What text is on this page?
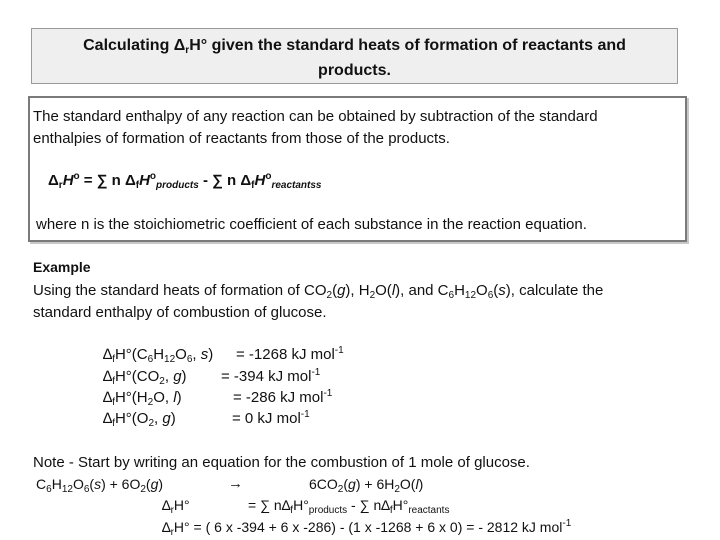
Calculating $\Delta_rH^\circ$ given the standard heats of formation of reactants and
products.
The standard enthalpy of any reaction can be obtained by subtraction of the standard
enthalpies of formation of reactants from those of the products.
$\Delta_rH^o$ = ∑ n $\Delta_fH^o_{products}$ - ∑ n $\Delta_fH^o_{reactantss}$
where n is the stoichiometric coefficient of each substance in the reaction equation.
Example
Using the standard heats of formation of $CO_2(g)$, $H_2O(l)$, and $C_6H_{12}O_6(s)$, calculate the
standard enthalpy of combustion of glucose.
$\Delta_fH^\circ(C_6H_{12}O_6$, s) = -1268 kJ mol$^{-1}$
$\Delta_fH^\circ(CO_2$, g) = -394 kJ mol$^{-1}$
$\Delta_fH^\circ(H_2O$, l)	= -286 kJ mol$^{-1}$
$\Delta_fH^\circ(O_2$, g)	= 0 kJ mol$^{-1}$
Note - Start by writing an equation for the combustion of 1 mole of glucose.
$C_6H_{12}O_6(s) + 6O_2(g)$	→	$6CO_2(g) + 6H_2O(l)$
$\Delta_rH^\circ$	= ∑ $n\Delta_fH^\circ_{products}$ - ∑ $n\Delta_fH^\circ_{reactants}$
$\Delta_rH^\circ$ = ( 6 x -394 + 6 x -286) - (1 x -1268 + 6 x 0) = - 2812 kJ mol$^{-1}$
